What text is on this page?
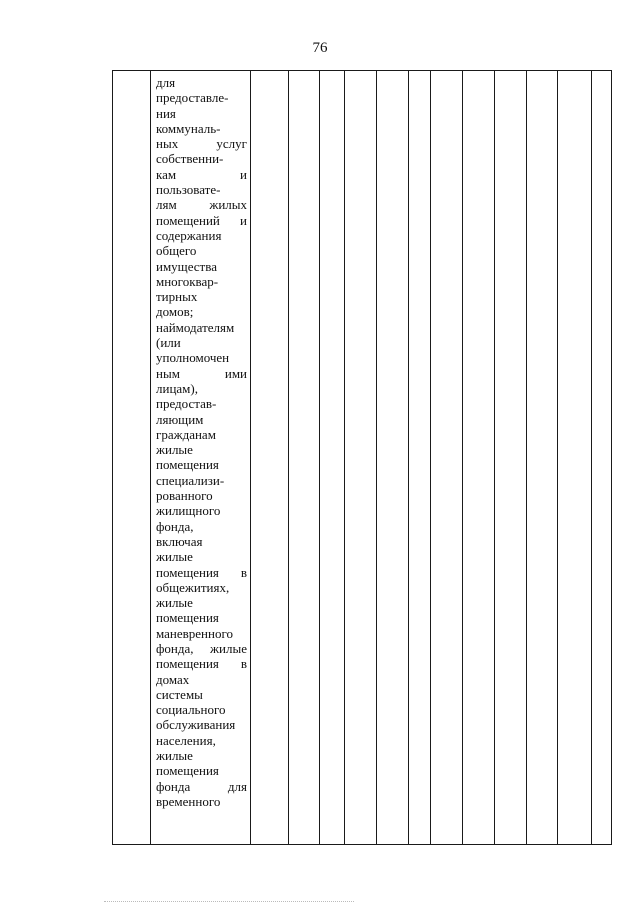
76

для
предоставле-
ния
коммуналь-
ных услуг
собственни-
кам и
пользовате-
лям жилых
помещений и
содержания
общего
имущества
многоквар-
тирных
домов;
наймодателям
(или
уполномочен
ным ими
лицам),
предостав-
ляющим
гражданам
жилые
помещения
специализи-
рованного
жилищного
фонда,
включая
жилые
помещения в
общежитиях,
жилые
помещения
маневренного
фонда, жилые
помещения в
домах
системы
социального
обслуживания
населения,
жилые
помещения
фонда для
временного
